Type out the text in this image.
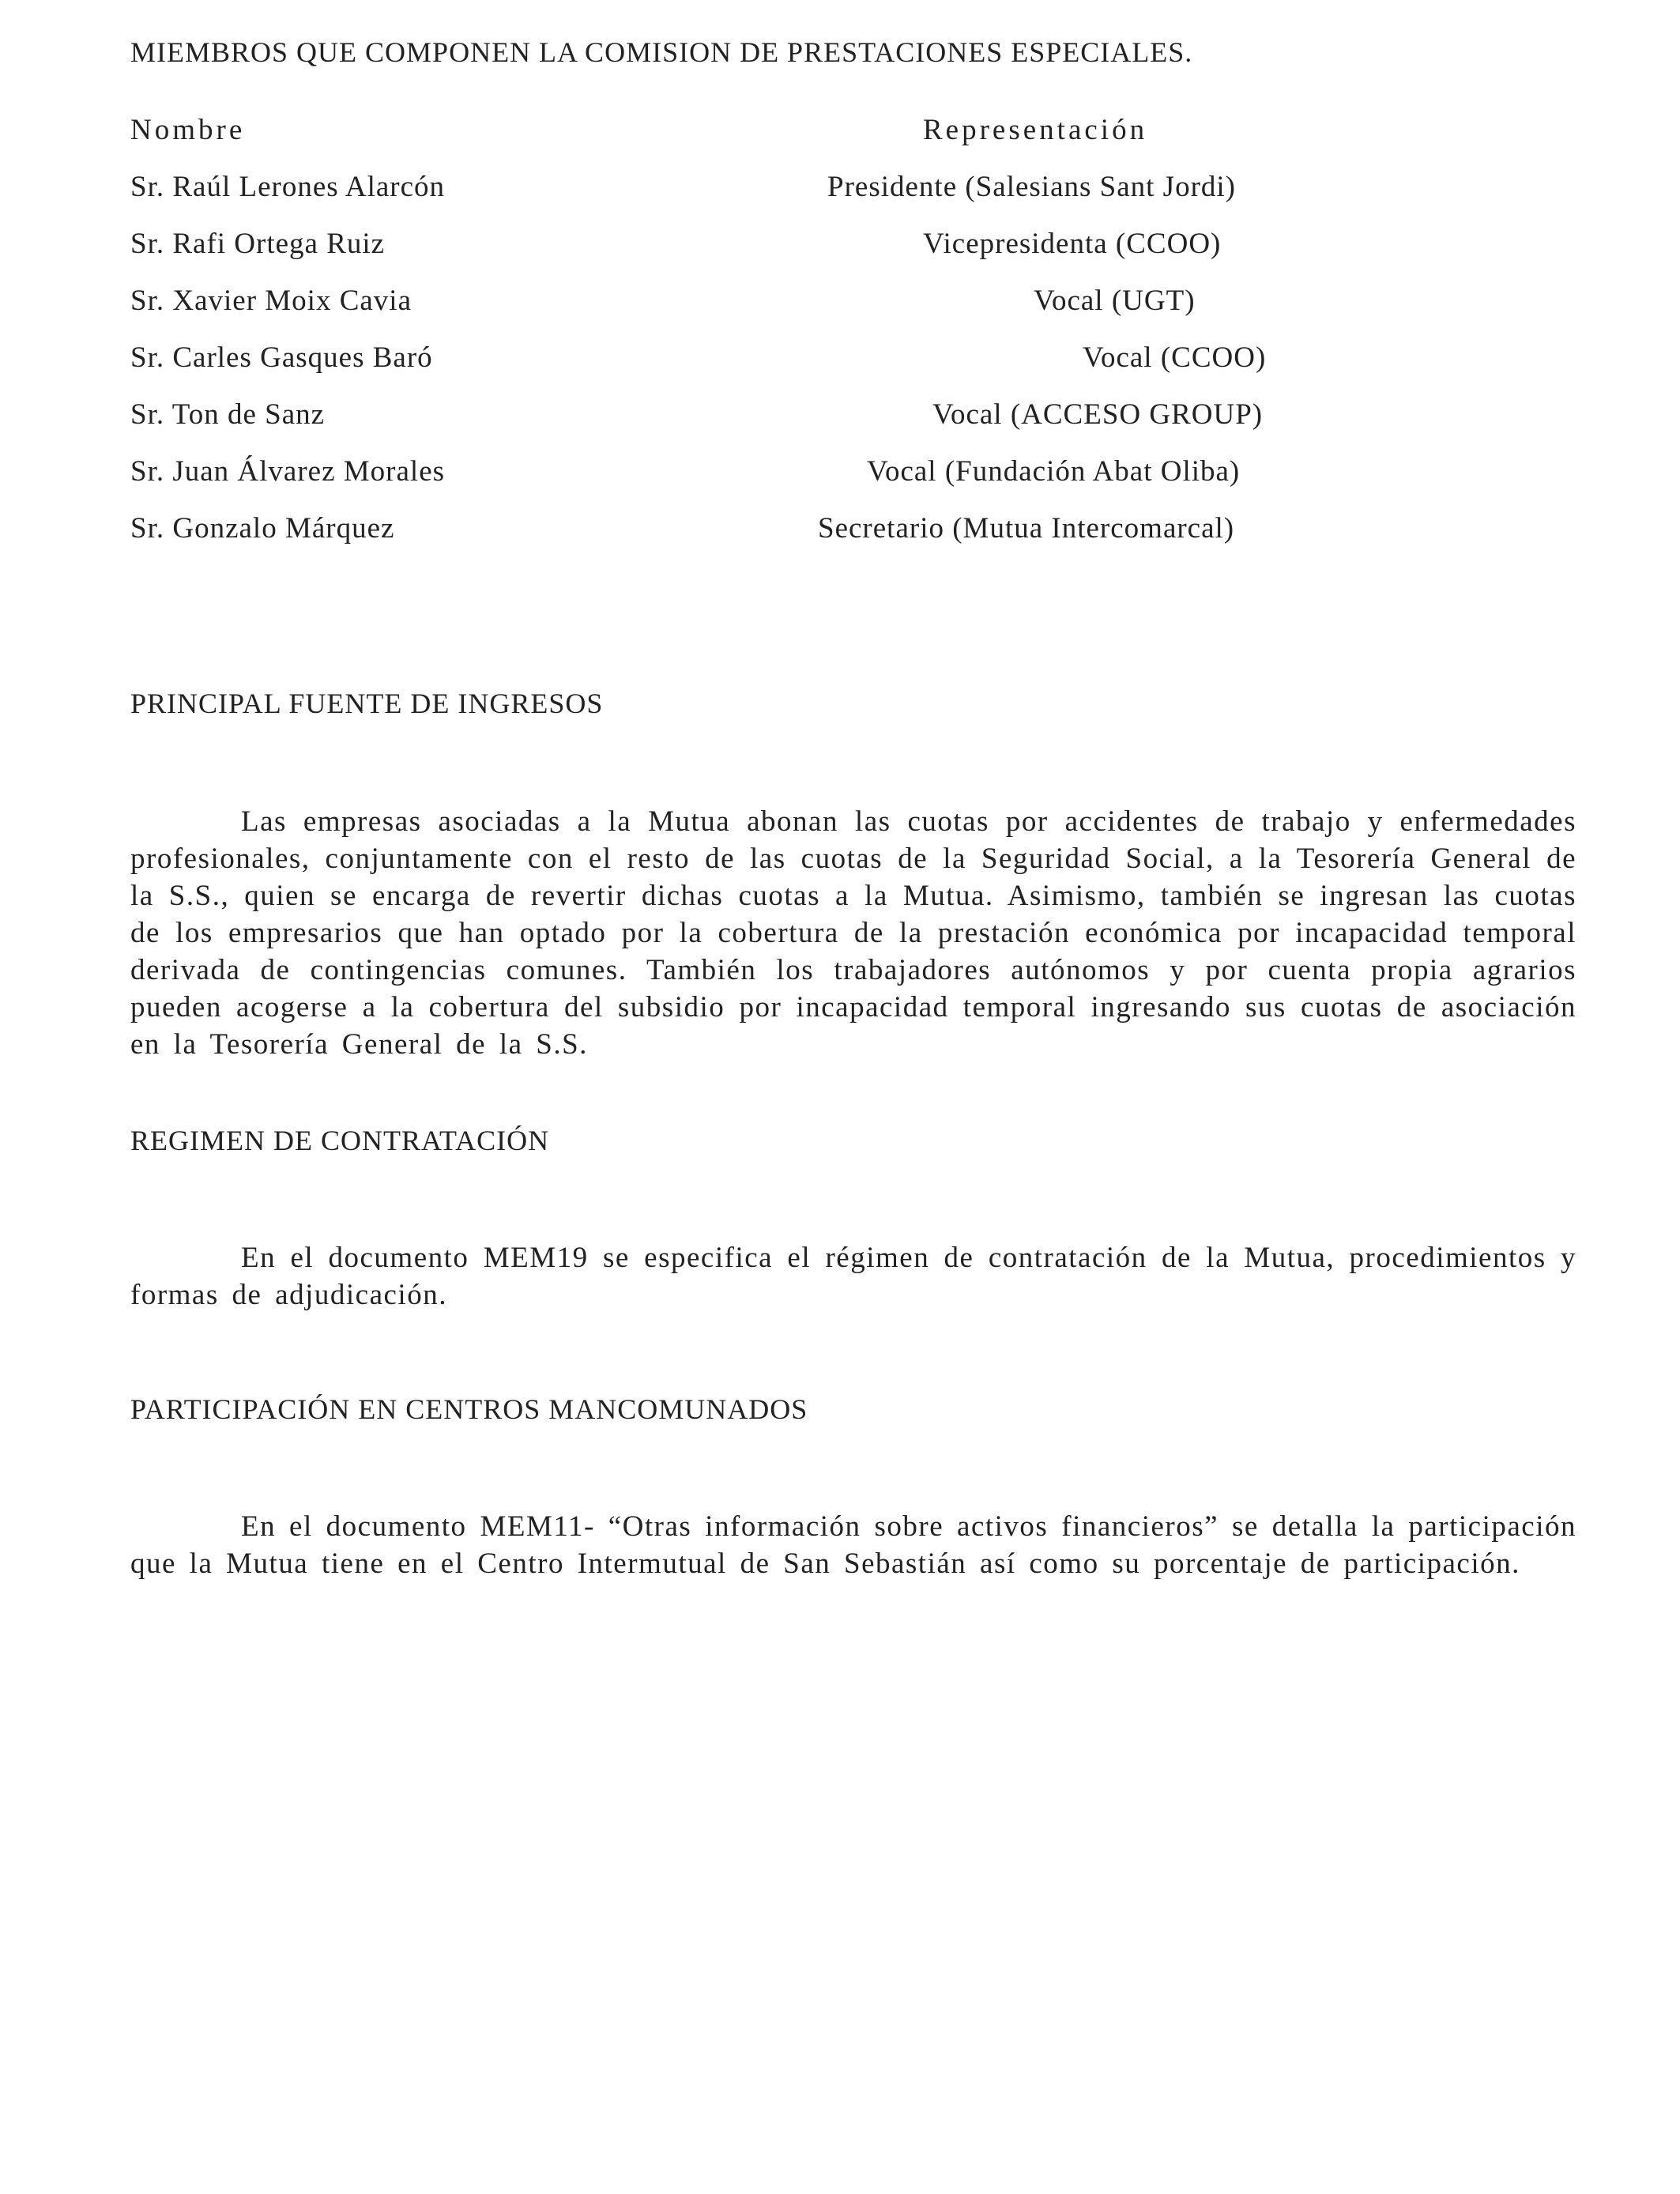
MIEMBROS QUE COMPONEN LA COMISION DE PRESTACIONES ESPECIALES.
Nombre	Representación
Sr. Raúl Lerones Alarcón	Presidente (Salesians Sant Jordi)
Sr. Rafi Ortega Ruiz	Vicepresidenta (CCOO)
Sr. Xavier Moix Cavia	Vocal (UGT)
Sr. Carles Gasques Baró	Vocal (CCOO)
Sr. Ton de Sanz	Vocal (ACCESO GROUP)
Sr. Juan Álvarez Morales	Vocal (Fundación Abat Oliba)
Sr. Gonzalo Márquez	Secretario (Mutua Intercomarcal)
PRINCIPAL FUENTE DE INGRESOS
Las empresas asociadas a la Mutua abonan las cuotas por accidentes de trabajo y enfermedades profesionales, conjuntamente con el resto de las cuotas de la Seguridad Social, a la Tesorería General de la S.S., quien se encarga de revertir dichas cuotas a la Mutua. Asimismo, también se ingresan las cuotas de los empresarios que han optado por la cobertura de la prestación económica por incapacidad temporal derivada de contingencias comunes. También los trabajadores autónomos y por cuenta propia agrarios pueden acogerse a la cobertura del subsidio por incapacidad temporal ingresando sus cuotas de asociación en la Tesorería General de la S.S.
REGIMEN DE CONTRATACIÓN
En el documento MEM19 se especifica el régimen de contratación de la Mutua, procedimientos y formas de adjudicación.
PARTICIPACIÓN EN CENTROS MANCOMUNADOS
En el documento MEM11- “Otras información sobre activos financieros” se detalla la participación que la Mutua tiene en el Centro Intermutual de San Sebastián así como su porcentaje de participación.
